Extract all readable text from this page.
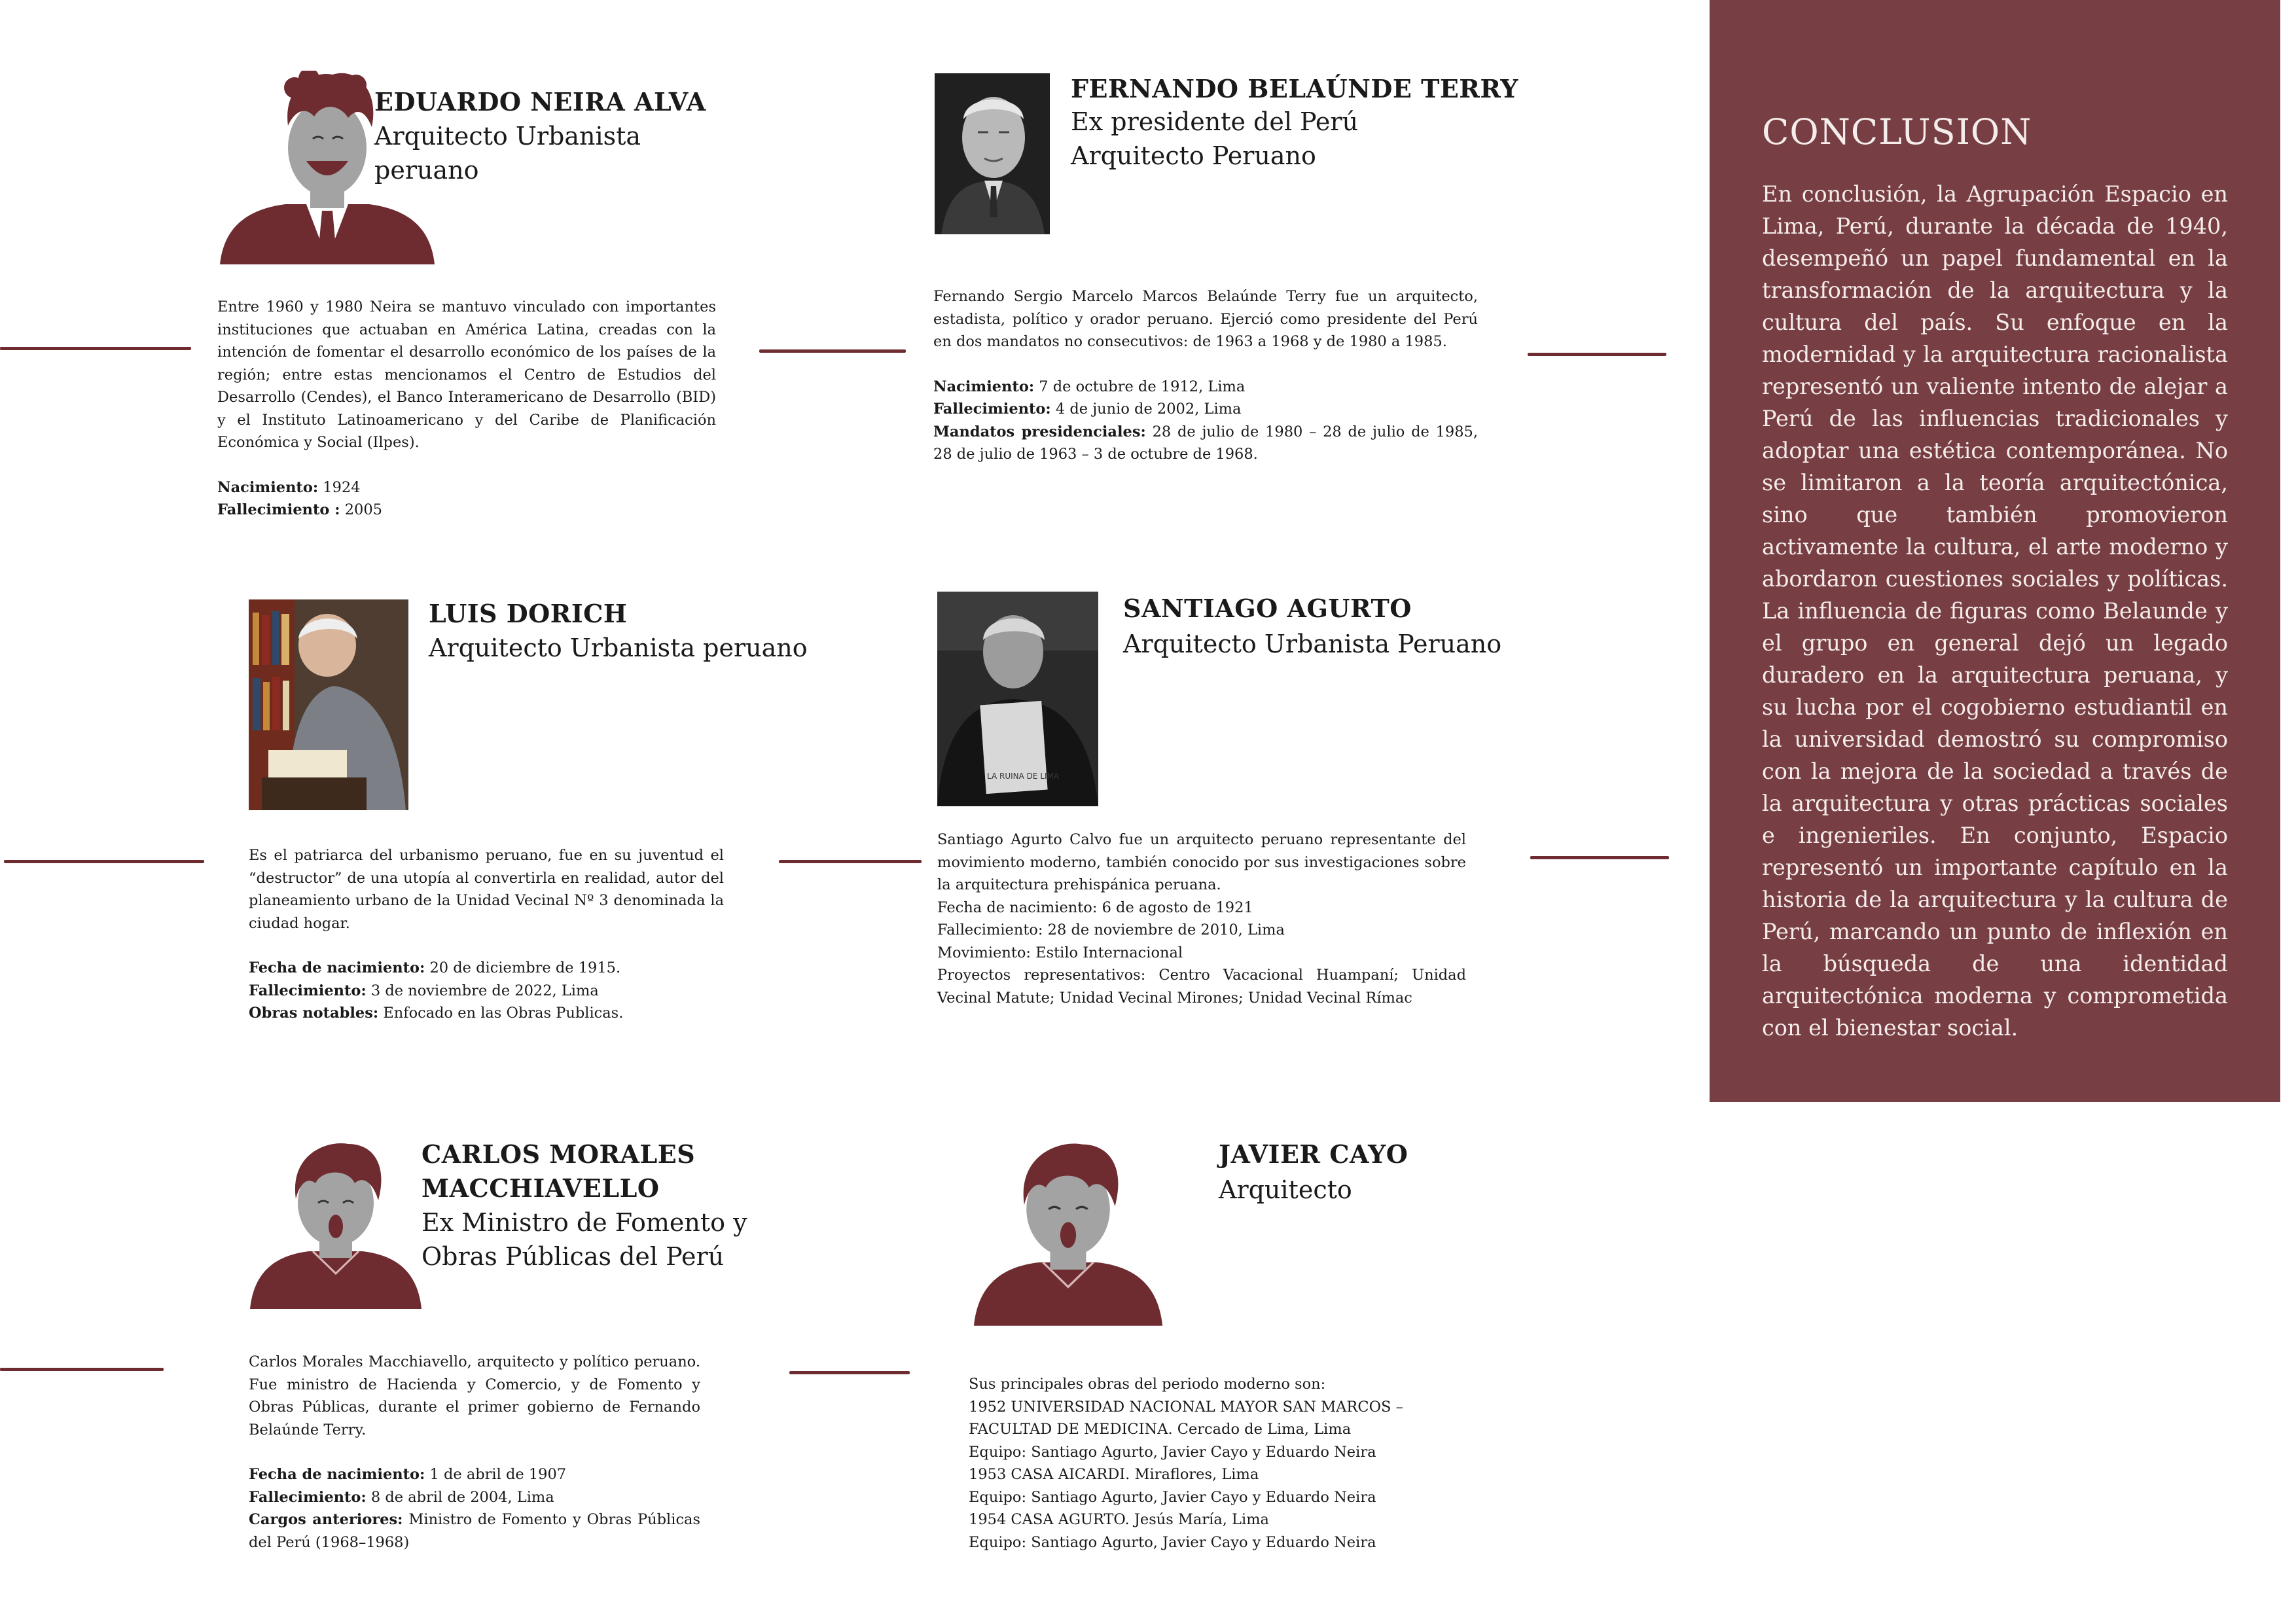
EDUARDO NEIRA ALVA
Arquitecto Urbanista
peruano

Entre 1960 y 1980 Neira se mantuvo vinculado con importantes instituciones que actuaban en América Latina, creadas con la intención de fomentar el desarrollo económico de los países de la región; entre estas mencionamos el Centro de Estudios del Desarrollo (Cendes), el Banco Interamericano de Desarrollo (BID) y el Instituto Latinoamericano y del Caribe de Planificación Económica y Social (Ilpes).

Nacimiento: 1924
Fallecimiento : 2005
FERNANDO BELAÚNDE TERRY
Ex presidente del Perú
Arquitecto Peruano

Fernando Sergio Marcelo Marcos Belaúnde Terry fue un arquitecto, estadista, político y orador peruano. Ejerció como presidente del Perú en dos mandatos no consecutivos: de 1963 a 1968 y de 1980 a 1985.

Nacimiento: 7 de octubre de 1912, Lima
Fallecimiento: 4 de junio de 2002, Lima
Mandatos presidenciales: 28 de julio de 1980 – 28 de julio de 1985, 28 de julio de 1963 – 3 de octubre de 1968.
LUIS DORICH
Arquitecto Urbanista peruano

Es el patriarca del urbanismo peruano, fue en su juventud el “destructor” de una utopía al convertirla en realidad, autor del planeamiento urbano de la Unidad Vecinal Nº 3 denominada la ciudad hogar.

Fecha de nacimiento: 20 de diciembre de 1915.
Fallecimiento: 3 de noviembre de 2022, Lima
Obras notables: Enfocado en las Obras Publicas.
LA RUINA DE LIMA
SANTIAGO AGURTO
Arquitecto Urbanista Peruano

Santiago Agurto Calvo fue un arquitecto peruano representante del movimiento moderno, también conocido por sus investigaciones sobre la arquitectura prehispánica peruana.

Fecha de nacimiento: 6 de agosto de 1921
Fallecimiento: 28 de noviembre de 2010, Lima
Movimiento: Estilo Internacional
Proyectos representativos: Centro Vacacional Huampaní; Unidad Vecinal Matute; Unidad Vecinal Mirones; Unidad Vecinal Rímac
CARLOS MORALES
MACCHIAVELLO
Ex Ministro de Fomento y
Obras Públicas del Perú

Carlos Morales Macchiavello, arquitecto y político peruano. Fue ministro de Hacienda y Comercio, y de Fomento y Obras Públicas, durante el primer gobierno de Fernando Belaúnde Terry.

Fecha de nacimiento: 1 de abril de 1907
Fallecimiento: 8 de abril de 2004, Lima
Cargos anteriores: Ministro de Fomento y Obras Públicas del Perú (1968–1968)
JAVIER CAYO
Arquitecto
Sus principales obras del periodo moderno son:
1952 UNIVERSIDAD NACIONAL MAYOR SAN MARCOS – FACULTAD DE MEDICINA. Cercado de Lima, Lima
Equipo: Santiago Agurto, Javier Cayo y Eduardo Neira
1953 CASA AICARDI. Miraflores, Lima
Equipo: Santiago Agurto, Javier Cayo y Eduardo Neira
1954 CASA AGURTO. Jesús María, Lima
Equipo: Santiago Agurto, Javier Cayo y Eduardo Neira
CONCLUSION
En conclusión, la Agrupación Espacio en Lima, Perú, durante la década de 1940, desempeñó un papel fundamental en la transformación de la arquitectura y la cultura del país. Su enfoque en la modernidad y la arquitectura racionalista representó un valiente intento de alejar a Perú de las influencias tradicionales y adoptar una estética contemporánea. No se limitaron a la teoría arquitectónica, sino que también promovieron activamente la cultura, el arte moderno y abordaron cuestiones sociales y políticas. La influencia de figuras como Belaunde y el grupo en general dejó un legado duradero en la arquitectura peruana, y su lucha por el cogobierno estudiantil en la universidad demostró su compromiso con la mejora de la sociedad a través de la arquitectura y otras prácticas sociales e ingenieriles. En conjunto, Espacio representó un importante capítulo en la historia de la arquitectura y la cultura de Perú, marcando un punto de inflexión en la búsqueda de una identidad arquitectónica moderna y comprometida con el bienestar social.
